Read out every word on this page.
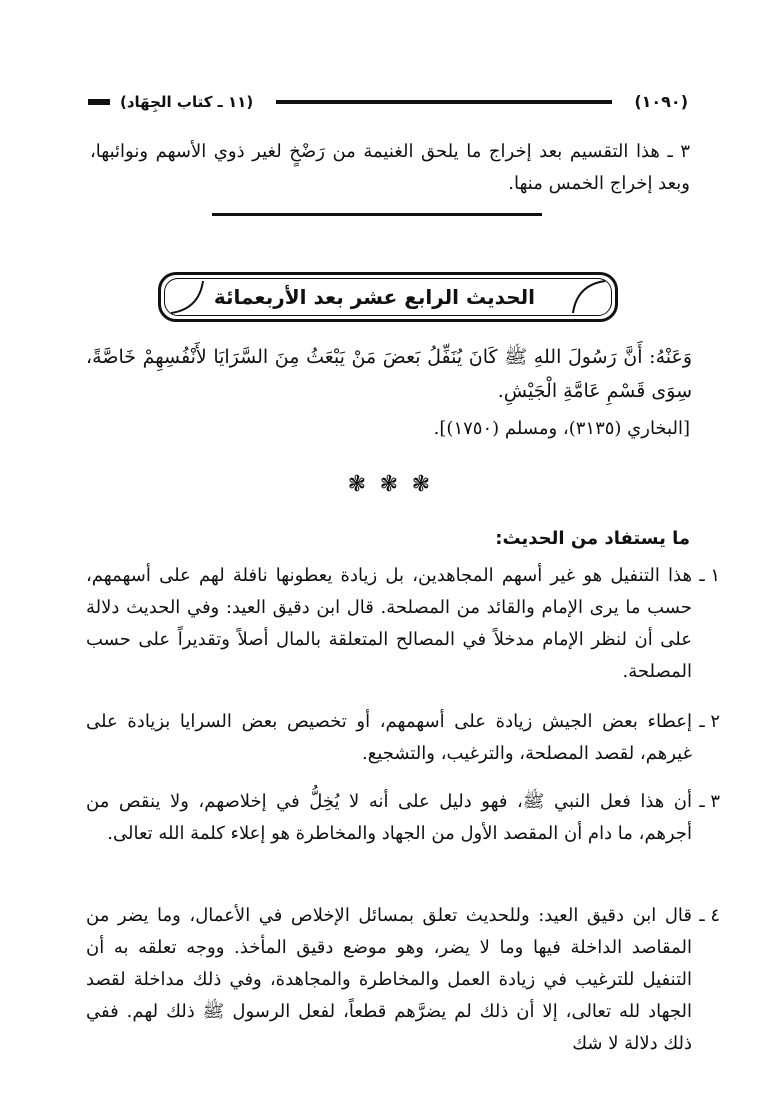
(١٠٩٠)
(١١ ـ كتاب الجِهَاد)
٣ ـ هذا التقسيم بعد إخراج ما يلحق الغنيمة من رَضْخٍ لغير ذوي الأسهم ونوائبها، وبعد إخراج الخمس منها.
الحديث الرابع عشر بعد الأربعمائة
وَعَنْهُ: أَنَّ رَسُولَ اللهِ ﷺ كَانَ يُنَفِّلُ بَعضَ مَنْ يَبْعَثُ مِنَ السَّرَايَا لأَنْفُسِهِمْ خَاصَّةً، سِوَى قَسْمِ عَامَّةِ الْجَيْشِ.
[البخاري (٣١٣٥)، ومسلم (١٧٥٠)].
❃
❃
❃
ما يستفاد من الحديث:
١ ـ
هذا التنفيل هو غير أسهم المجاهدين، بل زيادة يعطونها نافلة لهم على أسهمهم، حسب ما يرى الإمام والقائد من المصلحة. قال ابن دقيق العيد: وفي الحديث دلالة على أن لنظر الإمام مدخلاً في المصالح المتعلقة بالمال أصلاً وتقديراً على حسب المصلحة.
٢ ـ
إعطاء بعض الجيش زيادة على أسهمهم، أو تخصيص بعض السرايا بزيادة على غيرهم، لقصد المصلحة، والترغيب، والتشجيع.
٣ ـ
أن هذا فعل النبي ﷺ، فهو دليل على أنه لا يُخِلُّ في إخلاصهم، ولا ينقص من أجرهم، ما دام أن المقصد الأول من الجهاد والمخاطرة هو إعلاء كلمة الله تعالى.
٤ ـ
قال ابن دقيق العيد: وللحديث تعلق بمسائل الإخلاص في الأعمال، وما يضر من المقاصد الداخلة فيها وما لا يضر، وهو موضع دقيق المأخذ. ووجه تعلقه به أن التنفيل للترغيب في زيادة العمل والمخاطرة والمجاهدة، وفي ذلك مداخلة لقصد الجهاد لله تعالى، إلا أن ذلك لم يضرَّهم قطعاً، لفعل الرسول ﷺ ذلك لهم. ففي ذلك دلالة لا شك
